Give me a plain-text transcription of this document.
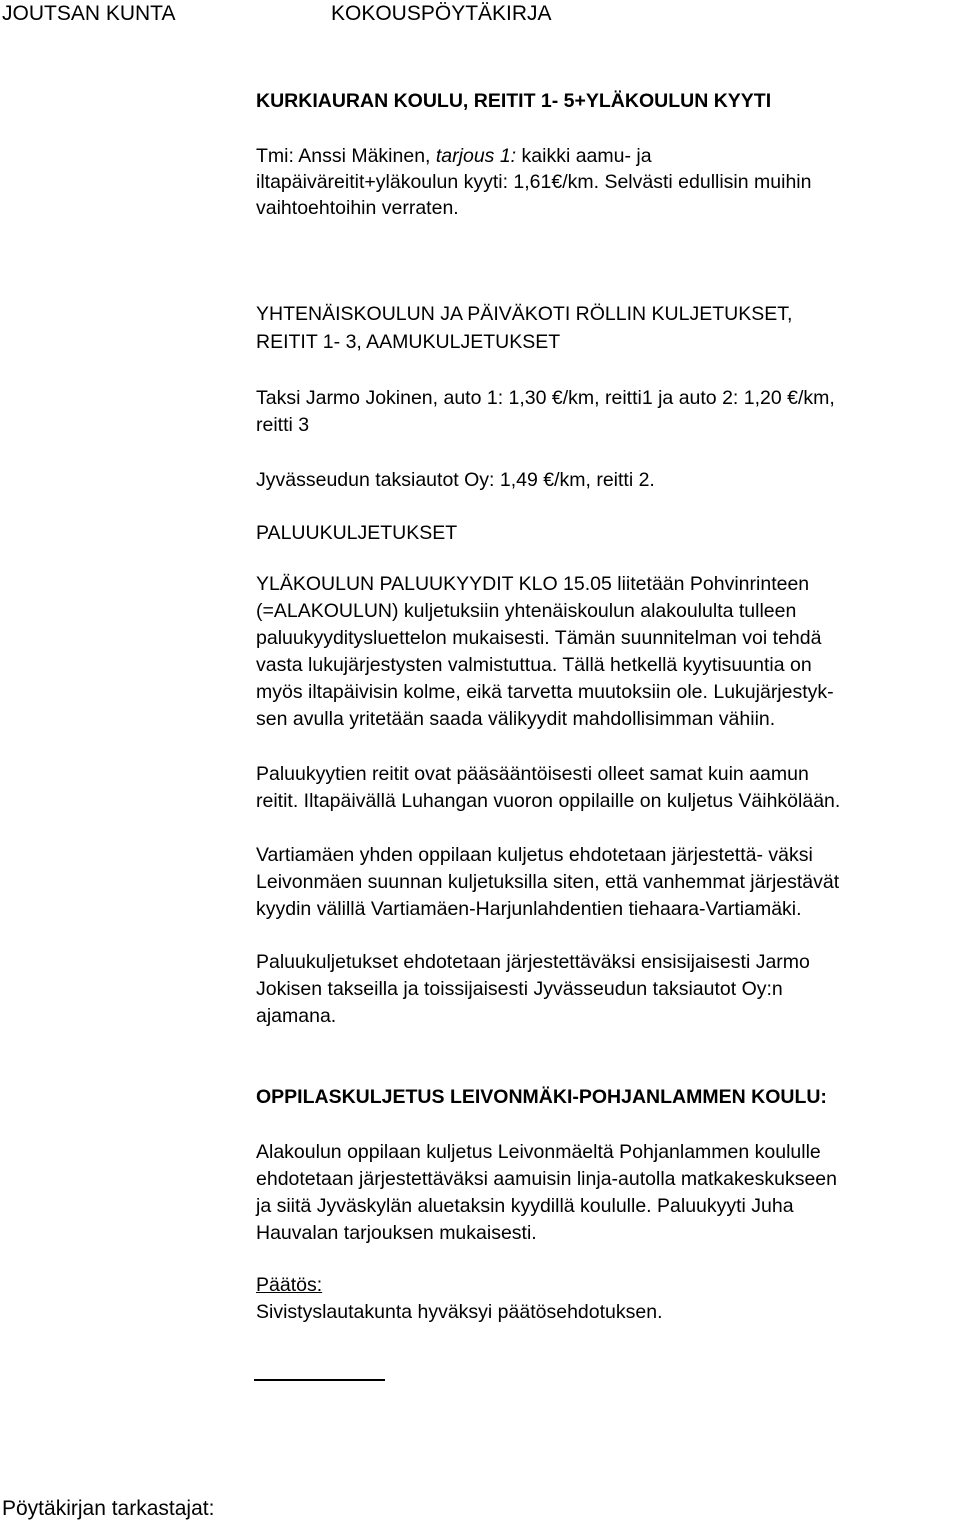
JOUTSAN KUNTA	KOKOUSPÖYTÄKIRJA
KURKIAURAN KOULU, REITIT 1- 5+YLÄKOULUN KYYTI
Tmi: Anssi Mäkinen, tarjous 1: kaikki aamu- ja
iltapäiväreitit+yläkoulun kyyti: 1,61€/km. Selvästi edullisin muihin
vaihtoehtoihin verraten.
YHTENÄISKOULUN JA PÄIVÄKOTI RÖLLIN KULJETUKSET,
REITIT 1- 3, AAMUKULJETUKSET
Taksi Jarmo Jokinen, auto 1: 1,30 €/km, reitti1 ja auto 2: 1,20 €/km,
reitti 3
Jyvässeudun taksiautot Oy: 1,49 €/km, reitti 2.
PALUUKULJETUKSET
YLÄKOULUN PALUUKYYDIT KLO 15.05 liitetään Pohvinrinteen
(=ALAKOULUN) kuljetuksiin yhtenäiskoulun alakoululta tulleen
paluukyyditysluettelon mukaisesti. Tämän suunnitelman voi tehdä
vasta lukujärjestysten valmistuttua. Tällä hetkellä kyytisuuntia on
myös iltapäivisin kolme, eikä tarvetta muutoksiin ole. Lukujärjestyk-
sen avulla yritetään saada välikyydit mahdollisimman vähiin.
Paluukyytien reitit ovat pääsääntöisesti olleet samat kuin aamun
reitit. Iltapäivällä Luhangan vuoron oppilaille on kuljetus Väihkölään.
Vartiamäen yhden oppilaan kuljetus ehdotetaan järjestettä- väksi
Leivonmäen suunnan kuljetuksilla siten, että vanhemmat järjestävät
kyydin välillä Vartiamäen-Harjunlahdentien tiehaara-Vartiamäki.
Paluukuljetukset ehdotetaan järjestettäväksi ensisijaisesti Jarmo
Jokisen takseilla ja toissijaisesti Jyvässeudun taksiautot Oy:n
ajamana.
OPPILASKULJETUS LEIVONMÄKI-POHJANLAMMEN KOULU:
Alakoulun oppilaan kuljetus Leivonmäeltä Pohjanlammen koululle
ehdotetaan järjestettäväksi aamuisin linja-autolla matkakeskukseen
ja siitä Jyväskylän aluetaksin kyydillä koululle. Paluukyyti Juha
Hauvalan tarjouksen mukaisesti.
Päätös:
Sivistyslautakunta hyväksyi päätösehdotuksen.
Pöytäkirjan tarkastajat:
